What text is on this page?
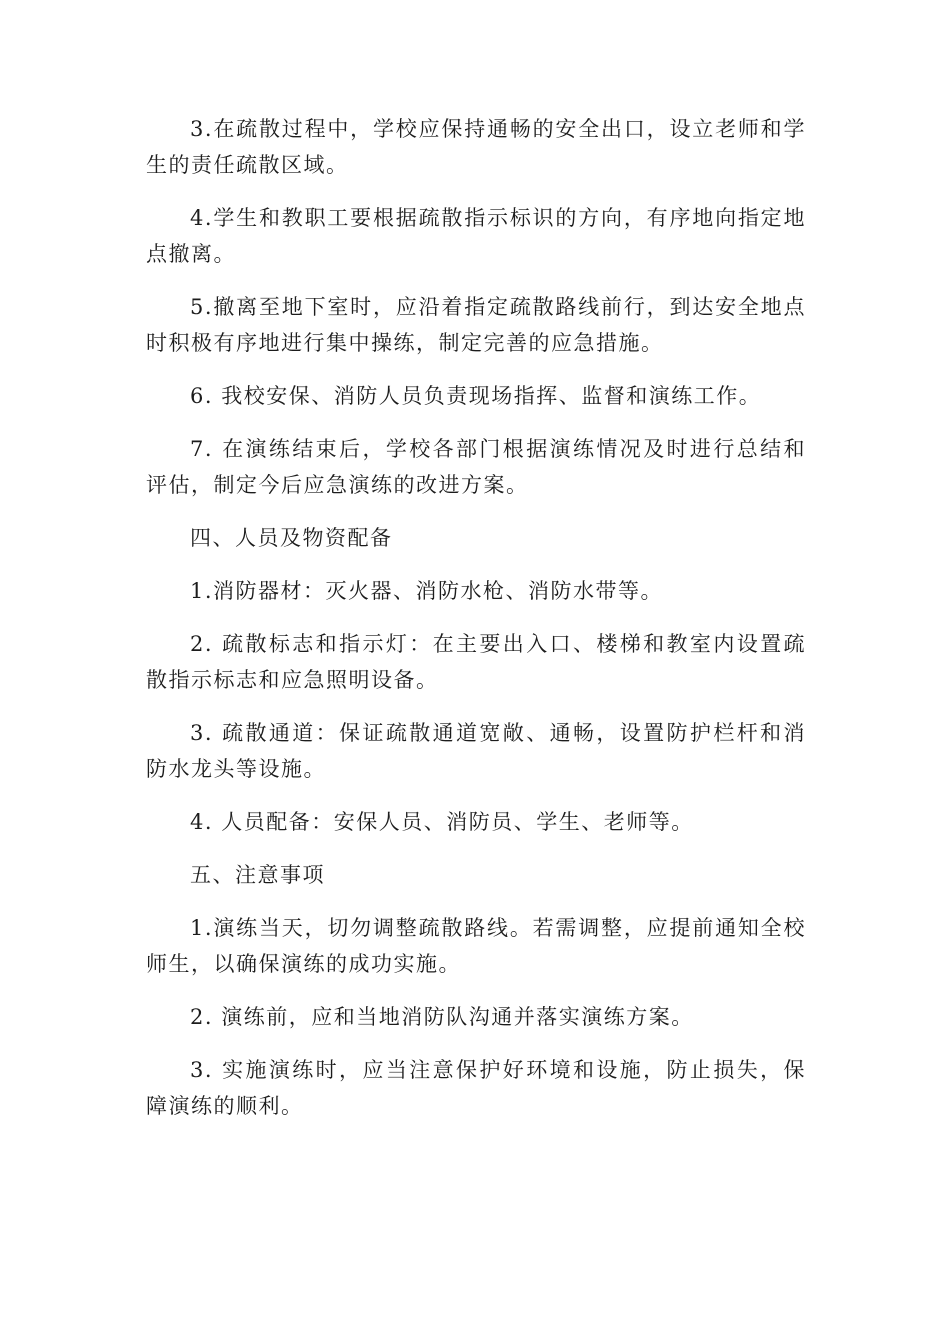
3.在疏散过程中，学校应保持通畅的安全出口，设立老师和学生的责任疏散区域。

4.学生和教职工要根据疏散指示标识的方向，有序地向指定地点撤离。

5.撤离至地下室时，应沿着指定疏散路线前行，到达安全地点时积极有序地进行集中操练，制定完善的应急措施。

6. 我校安保、消防人员负责现场指挥、监督和演练工作。

7. 在演练结束后，学校各部门根据演练情况及时进行总结和评估，制定今后应急演练的改进方案。

四、人员及物资配备

1.消防器材：灭火器、消防水枪、消防水带等。

2. 疏散标志和指示灯：在主要出入口、楼梯和教室内设置疏散指示标志和应急照明设备。

3. 疏散通道：保证疏散通道宽敞、通畅，设置防护栏杆和消防水龙头等设施。

4. 人员配备：安保人员、消防员、学生、老师等。

五、注意事项

1.演练当天，切勿调整疏散路线。若需调整，应提前通知全校师生，以确保演练的成功实施。

2. 演练前，应和当地消防队沟通并落实演练方案。

3. 实施演练时，应当注意保护好环境和设施，防止损失，保障演练的顺利。
